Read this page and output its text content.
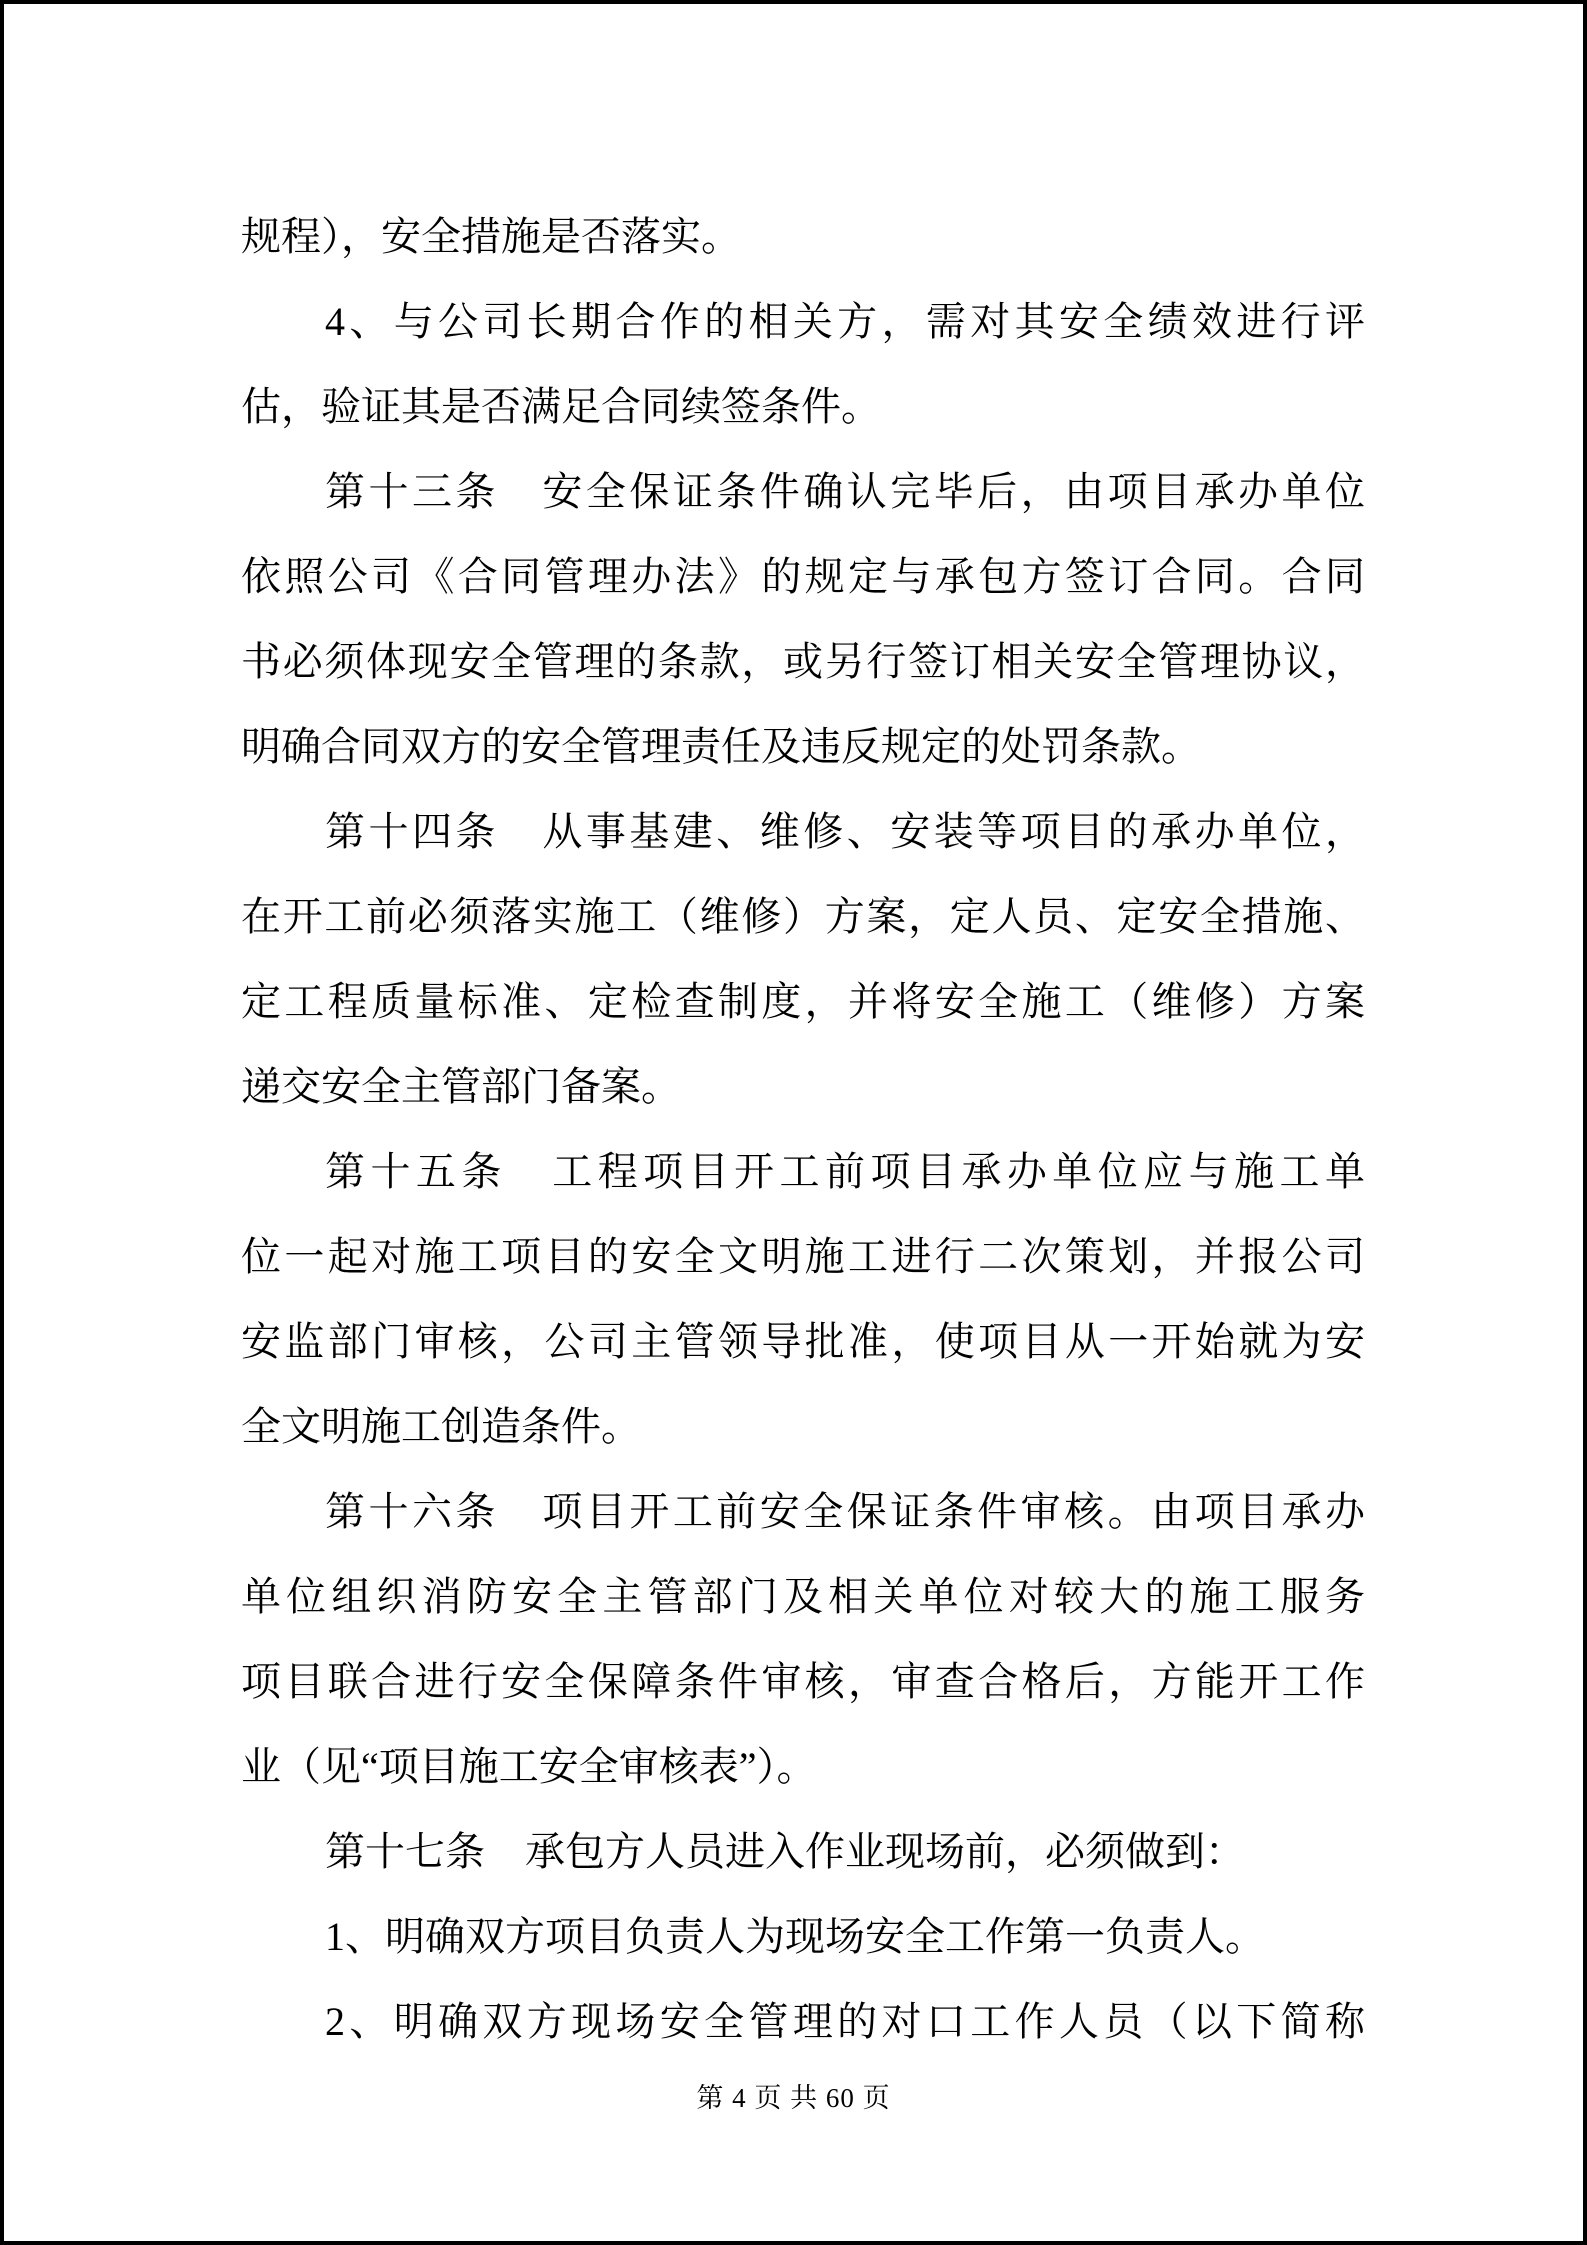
规程），安全措施是否落实。
4、与公司长期合作的相关方，需对其安全绩效进行评
估，验证其是否满足合同续签条件。
第十三条　安全保证条件确认完毕后，由项目承办单位
依照公司《合同管理办法》的规定与承包方签订合同。合同
书必须体现安全管理的条款，或另行签订相关安全管理协议，
明确合同双方的安全管理责任及违反规定的处罚条款。
第十四条　从事基建、维修、安装等项目的承办单位，
在开工前必须落实施工（维修）方案，定人员、定安全措施、
定工程质量标准、定检查制度，并将安全施工（维修）方案
递交安全主管部门备案。
第十五条　工程项目开工前项目承办单位应与施工单
位一起对施工项目的安全文明施工进行二次策划，并报公司
安监部门审核，公司主管领导批准，使项目从一开始就为安
全文明施工创造条件。
第十六条　项目开工前安全保证条件审核。由项目承办
单位组织消防安全主管部门及相关单位对较大的施工服务
项目联合进行安全保障条件审核，审查合格后，方能开工作
业（见“项目施工安全审核表”）。
第十七条　承包方人员进入作业现场前，必须做到：
1、明确双方项目负责人为现场安全工作第一负责人。
2、明确双方现场安全管理的对口工作人员（以下简称
第 4 页 共 60 页
